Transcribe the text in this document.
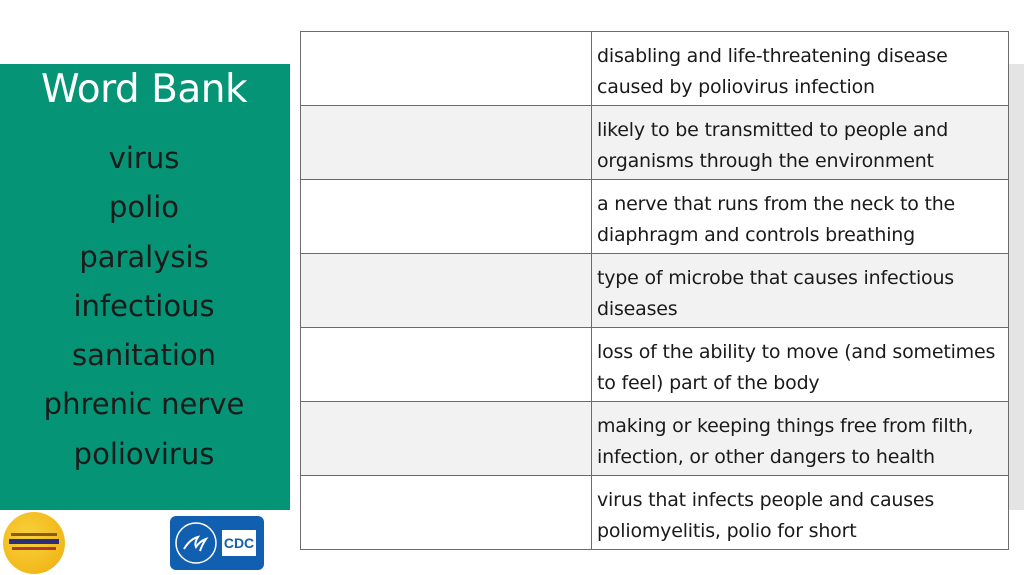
Word Bank
virus
polio
paralysis
infectious
sanitation
phrenic nerve
poliovirus
	disabling and life-threatening disease caused by poliovirus infection
	likely to be transmitted to people and organisms through the environment
	a nerve that runs from the neck to the diaphragm and controls breathing
	type of microbe that causes infectious diseases
	loss of the ability to move (and sometimes to feel) part of the body
	making or keeping things free from filth, infection, or other dangers to health
	virus that infects people and causes poliomyelitis, polio for short
CDC
